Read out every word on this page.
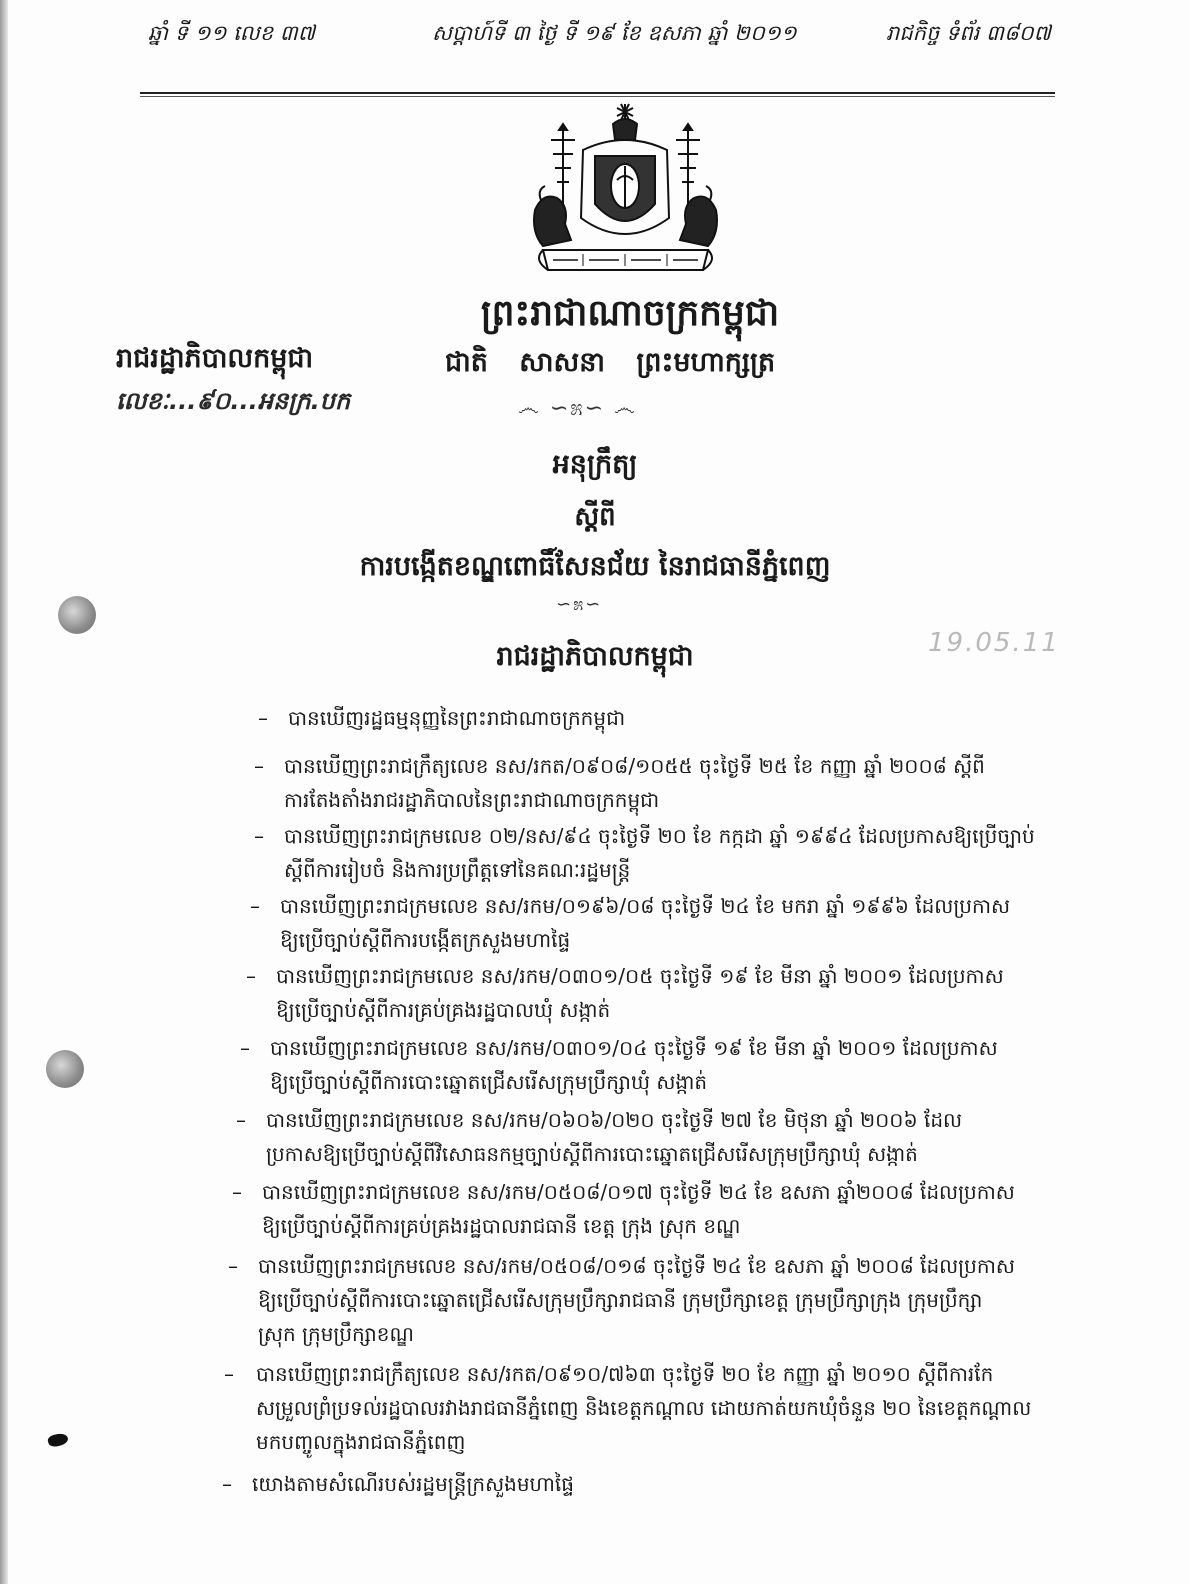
ឆ្នាំ ទី ១១ លេខ ៣៧	សប្តាហ៍ទី ៣ ថ្ងៃ ទី ១៩ ខែ ឧសភា ឆ្នាំ ២០១១	រាជកិច្ច ទំព័រ ៣៨០៧
ព្រះរាជាណាចក្រកម្ពុជា
រាជរដ្ឋាភិបាលកម្ពុជា	ជាតិ សាសនា ព្រះមហាក្សត្រ
លេខៈ...៩០...អនក្រ.បក	෴ ∽೫∽ ෴
អនុក្រឹត្យ
ស្តីពី
ការបង្កើតខណ្ឌពោធិ៍សែនជ័យ នៃរាជធានីភ្នំពេញ
∽೫∽
រាជរដ្ឋាភិបាលកម្ពុជា	19.05.11
– បានឃើញរដ្ឋធម្មនុញ្ញនៃព្រះរាជាណាចក្រកម្ពុជា
– បានឃើញព្រះរាជក្រឹត្យលេខ នស/រកត/០៩០៨/១០៥៥ ចុះថ្ងៃទី ២៥ ខែ កញ្ញា ឆ្នាំ ២០០៨ ស្តីពី
ការតែងតាំងរាជរដ្ឋាភិបាលនៃព្រះរាជាណាចក្រកម្ពុជា
– បានឃើញព្រះរាជក្រមលេខ ០២/នស/៩៤ ចុះថ្ងៃទី ២០ ខែ កក្កដា ឆ្នាំ ១៩៩៤ ដែលប្រកាសឱ្យប្រើច្បាប់
ស្តីពីការរៀបចំ និងការប្រព្រឹត្តទៅនៃគណៈរដ្ឋមន្ត្រី
– បានឃើញព្រះរាជក្រមលេខ នស/រកម/០១៩៦/០៨ ចុះថ្ងៃទី ២៤ ខែ មករា ឆ្នាំ ១៩៩៦ ដែលប្រកាស
ឱ្យប្រើច្បាប់ស្តីពីការបង្កើតក្រសួងមហាផ្ទៃ
– បានឃើញព្រះរាជក្រមលេខ នស/រកម/០៣០១/០៥ ចុះថ្ងៃទី ១៩ ខែ មីនា ឆ្នាំ ២០០១ ដែលប្រកាស
ឱ្យប្រើច្បាប់ស្តីពីការគ្រប់គ្រងរដ្ឋបាលឃុំ សង្កាត់
– បានឃើញព្រះរាជក្រមលេខ នស/រកម/០៣០១/០៤ ចុះថ្ងៃទី ១៩ ខែ មីនា ឆ្នាំ ២០០១ ដែលប្រកាស
ឱ្យប្រើច្បាប់ស្តីពីការបោះឆ្នោតជ្រើសរើសក្រុមប្រឹក្សាឃុំ សង្កាត់
– បានឃើញព្រះរាជក្រមលេខ នស/រកម/០៦០៦/០២០ ចុះថ្ងៃទី ២៧ ខែ មិថុនា ឆ្នាំ ២០០៦ ដែល
ប្រកាសឱ្យប្រើច្បាប់ស្តីពីវិសោធនកម្មច្បាប់ស្តីពីការបោះឆ្នោតជ្រើសរើសក្រុមប្រឹក្សាឃុំ សង្កាត់
– បានឃើញព្រះរាជក្រមលេខ នស/រកម/០៥០៨/០១៧ ចុះថ្ងៃទី ២៤ ខែ ឧសភា ឆ្នាំ២០០៨ ដែលប្រកាស
ឱ្យប្រើច្បាប់ស្តីពីការគ្រប់គ្រងរដ្ឋបាលរាជធានី ខេត្ត ក្រុង ស្រុក ខណ្ឌ
– បានឃើញព្រះរាជក្រមលេខ នស/រកម/០៥០៨/០១៨ ចុះថ្ងៃទី ២៤ ខែ ឧសភា ឆ្នាំ ២០០៨ ដែលប្រកាស
ឱ្យប្រើច្បាប់ស្តីពីការបោះឆ្នោតជ្រើសរើសក្រុមប្រឹក្សារាជធានី ក្រុមប្រឹក្សាខេត្ត ក្រុមប្រឹក្សាក្រុង ក្រុមប្រឹក្សា
ស្រុក ក្រុមប្រឹក្សាខណ្ឌ
– បានឃើញព្រះរាជក្រឹត្យលេខ នស/រកត/០៩១០/៧៦៣ ចុះថ្ងៃទី ២០ ខែ កញ្ញា ឆ្នាំ ២០១០ ស្តីពីការកែ
សម្រួលព្រំប្រទល់រដ្ឋបាលរវាងរាជធានីភ្នំពេញ និងខេត្តកណ្តាល ដោយកាត់យកឃុំចំនួន ២០ នៃខេត្តកណ្តាល
មកបញ្ចូលក្នុងរាជធានីភ្នំពេញ
– យោងតាមសំណើរបស់រដ្ឋមន្ត្រីក្រសួងមហាផ្ទៃ
